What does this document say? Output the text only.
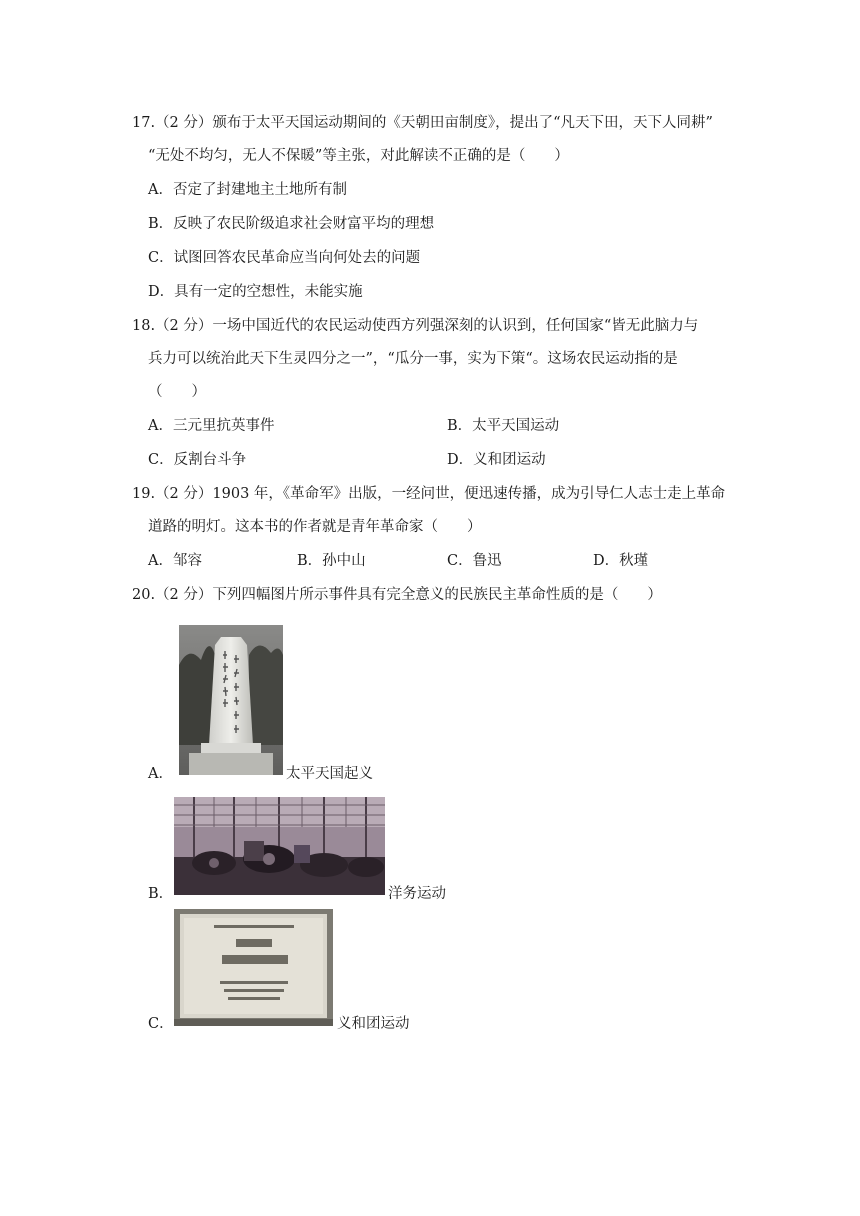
17.（2 分）颁布于太平天国运动期间的《天朝田亩制度》，提出了“凡天下田，天下人同耕”
“无处不均匀，无人不保暖”等主张，对此解读不正确的是（　　）
A．否定了封建地主土地所有制
B．反映了农民阶级追求社会财富平均的理想
C．试图回答农民革命应当向何处去的问题
D．具有一定的空想性，未能实施
18.（2 分）一场中国近代的农民运动使西方列强深刻的认识到，任何国家“皆无此脑力与
兵力可以统治此天下生灵四分之一”，“瓜分一事，实为下策“。这场农民运动指的是
（　　）
A．三元里抗英事件	B．太平天国运动
C．反割台斗争	D．义和团运动
19.（2 分）1903 年，《革命军》出版，一经问世，便迅速传播，成为引导仁人志士走上革命
道路的明灯。这本书的作者就是青年革命家（　　）
A．邹容	B．孙中山	C．鲁迅	D．秋瑾
20.（2 分）下列四幅图片所示事件具有完全意义的民族民主革命性质的是（　　）
A．	太平天国起义
B．	洋务运动
C．	义和团运动
